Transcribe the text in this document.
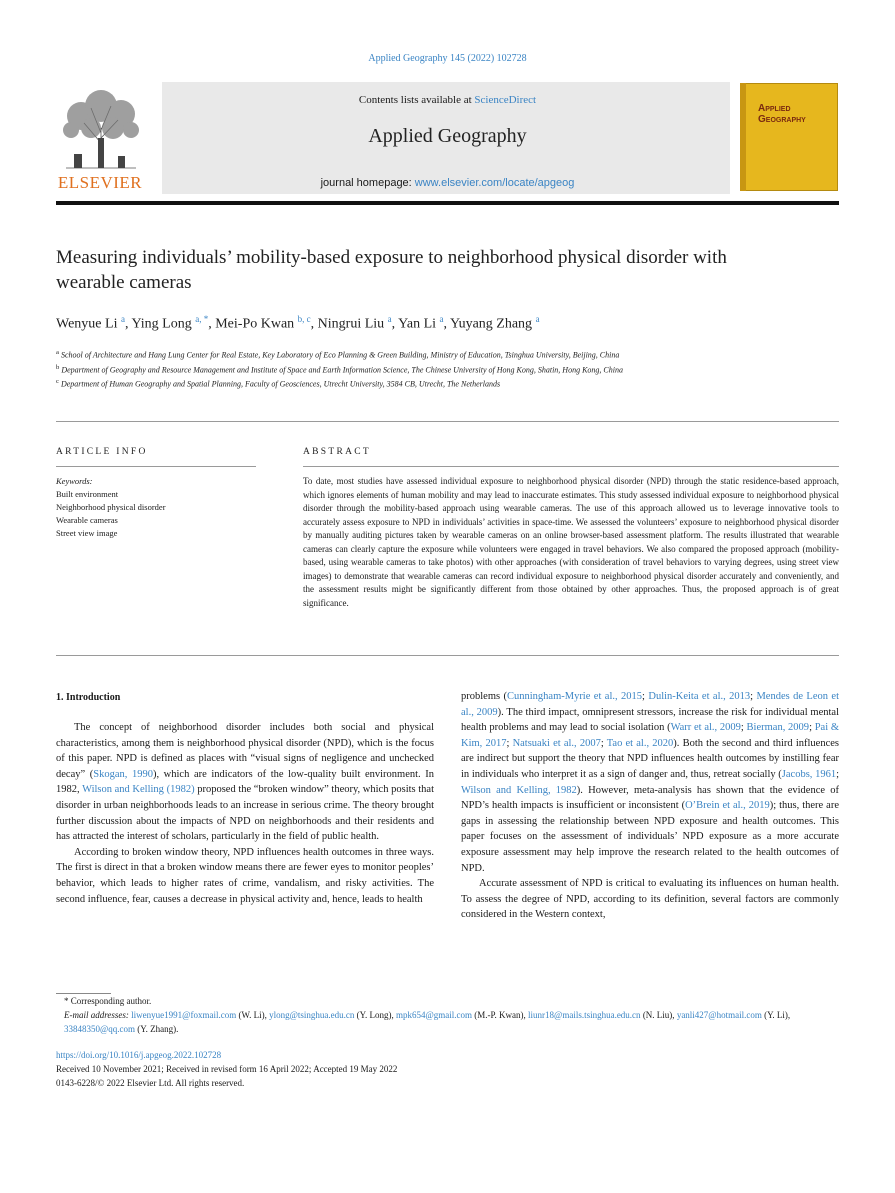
Applied Geography 145 (2022) 102728
ELSEVIER
Contents lists available at ScienceDirect
Applied Geography
journal homepage: www.elsevier.com/locate/apgeog
Applied
Geography
Measuring individuals’ mobility-based exposure to neighborhood physical disorder with wearable cameras
Wenyue Li $^a$, Ying Long $^{a, *}$, Mei-Po Kwan $^{b, c}$, Ningrui Liu $^a$, Yan Li $^a$, Yuyang Zhang $^a$
$^a$ School of Architecture and Hang Lung Center for Real Estate, Key Laboratory of Eco Planning & Green Building, Ministry of Education, Tsinghua University, Beijing, China
$^b$ Department of Geography and Resource Management and Institute of Space and Earth Information Science, The Chinese University of Hong Kong, Shatin, Hong Kong, China
$^c$ Department of Human Geography and Spatial Planning, Faculty of Geosciences, Utrecht University, 3584 CB, Utrecht, The Netherlands
ARTICLE INFO	ABSTRACT
Keywords:
Built environment
Neighborhood physical disorder
Wearable cameras
Street view image
To date, most studies have assessed individual exposure to neighborhood physical disorder (NPD) through the static residence-based approach, which ignores elements of human mobility and may lead to inaccurate estimates. This study assessed individual exposure to neighborhood physical disorder through the mobility-based approach using wearable cameras. The use of this approach allowed us to leverage innovative tools to accurately assess exposure to NPD in individuals’ activities in space-time. We assessed the volunteers’ exposure to neighborhood physical disorder by manually auditing pictures taken by wearable cameras on an online browser-based assessment platform. The results illustrated that wearable cameras can clearly capture the exposure while volunteers were engaged in travel behaviors. We also compared the proposed approach (mobility-based, using wearable cameras to take photos) with other approaches (with consideration of travel behaviors to varying degrees, using street view images) to demonstrate that wearable cameras can record individual exposure to neighborhood physical disorder accurately and conveniently, and the assessment results might be significantly different from those obtained by other approaches. Thus, the proposed approach is of great significance.
1. Introduction

The concept of neighborhood disorder includes both social and physical characteristics, among them is neighborhood physical disorder (NPD), which is the focus of this paper. NPD is defined as places with “visual signs of negligence and unchecked decay” (Skogan, 1990), which are indicators of the low-quality built environment. In 1982, Wilson and Kelling (1982) proposed the “broken window” theory, which posits that disorder in urban neighborhoods leads to an increase in serious crime. The theory brought further discussion about the impacts of NPD on neighborhoods and their residents and has attracted the interest of scholars, particularly in the field of public health.

According to broken window theory, NPD influences health outcomes in three ways. The first is direct in that a broken window means there are fewer eyes to monitor peoples’ behavior, which leads to higher rates of crime, vandalism, and risky activities. The second influence, fear, causes a decrease in physical activity and, hence, leads to health

problems (Cunningham-Myrie et al., 2015; Dulin-Keita et al., 2013; Mendes de Leon et al., 2009). The third impact, omnipresent stressors, increase the risk for individual mental health problems and may lead to social isolation (Warr et al., 2009; Bierman, 2009; Pai & Kim, 2017; Natsuaki et al., 2007; Tao et al., 2020). Both the second and third influences are indirect but support the theory that NPD influences health outcomes by instilling fear in individuals who interpret it as a sign of danger and, thus, retreat socially (Jacobs, 1961; Wilson and Kelling, 1982). However, meta-analysis has shown that the evidence of NPD’s health impacts is insufficient or inconsistent (O’Brein et al., 2019); thus, there are gaps in assessing the relationship between NPD exposure and health outcomes. This paper focuses on the assessment of individuals’ NPD exposure as a more accurate exposure assessment may help improve the research related to the health outcomes of NPD.

Accurate assessment of NPD is critical to evaluating its influences on human health. To assess the degree of NPD, according to its definition, several factors are commonly considered in the Western context,

* Corresponding author.
E-mail addresses: liwenyue1991@foxmail.com (W. Li), ylong@tsinghua.edu.cn (Y. Long), mpk654@gmail.com (M.-P. Kwan), liunr18@mails.tsinghua.edu.cn (N. Liu), yanli427@hotmail.com (Y. Li), 33848350@qq.com (Y. Zhang).
https://doi.org/10.1016/j.apgeog.2022.102728
Received 10 November 2021; Received in revised form 16 April 2022; Accepted 19 May 2022
0143-6228/© 2022 Elsevier Ltd. All rights reserved.
